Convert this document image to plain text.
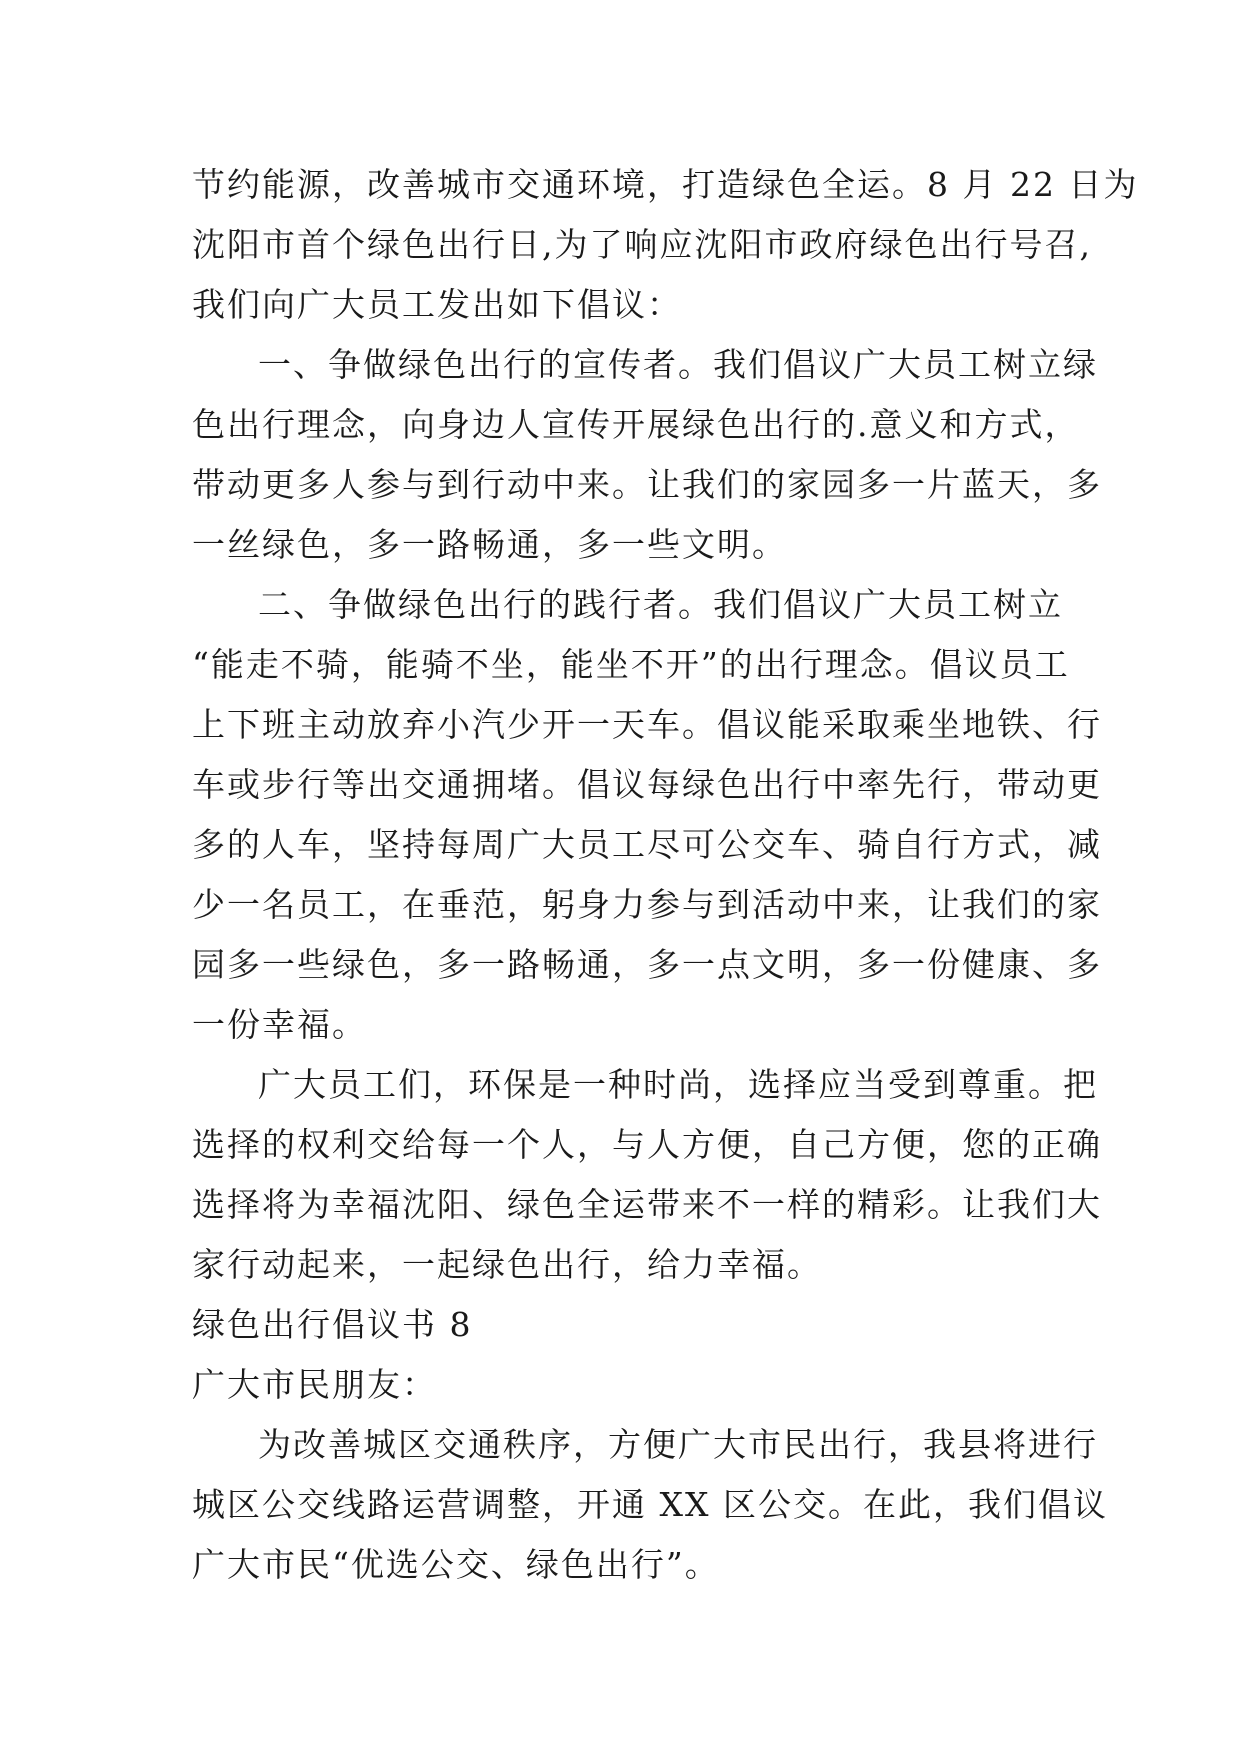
节约能源，改善城市交通环境，打造绿色全运。8 月 22 日为
沈阳市首个绿色出行日,为了响应沈阳市政府绿色出行号召,
我们向广大员工发出如下倡议：
一、争做绿色出行的宣传者。我们倡议广大员工树立绿
色出行理念，向身边人宣传开展绿色出行的.意义和方式，
带动更多人参与到行动中来。让我们的家园多一片蓝天，多
一丝绿色，多一路畅通，多一些文明。
二、争做绿色出行的践行者。我们倡议广大员工树立
“能走不骑，能骑不坐，能坐不开”的出行理念。倡议员工
上下班主动放弃小汽少开一天车。倡议能采取乘坐地铁、行
车或步行等出交通拥堵。倡议每绿色出行中率先行，带动更
多的人车，坚持每周广大员工尽可公交车、骑自行方式，减
少一名员工，在垂范，躬身力参与到活动中来，让我们的家
园多一些绿色，多一路畅通，多一点文明，多一份健康、多
一份幸福。
广大员工们，环保是一种时尚，选择应当受到尊重。把
选择的权利交给每一个人，与人方便，自己方便，您的正确
选择将为幸福沈阳、绿色全运带来不一样的精彩。让我们大
家行动起来，一起绿色出行，给力幸福。
绿色出行倡议书 8
广大市民朋友：
为改善城区交通秩序，方便广大市民出行，我县将进行
城区公交线路运营调整，开通 XX 区公交。在此，我们倡议
广大市民“优选公交、绿色出行”。
